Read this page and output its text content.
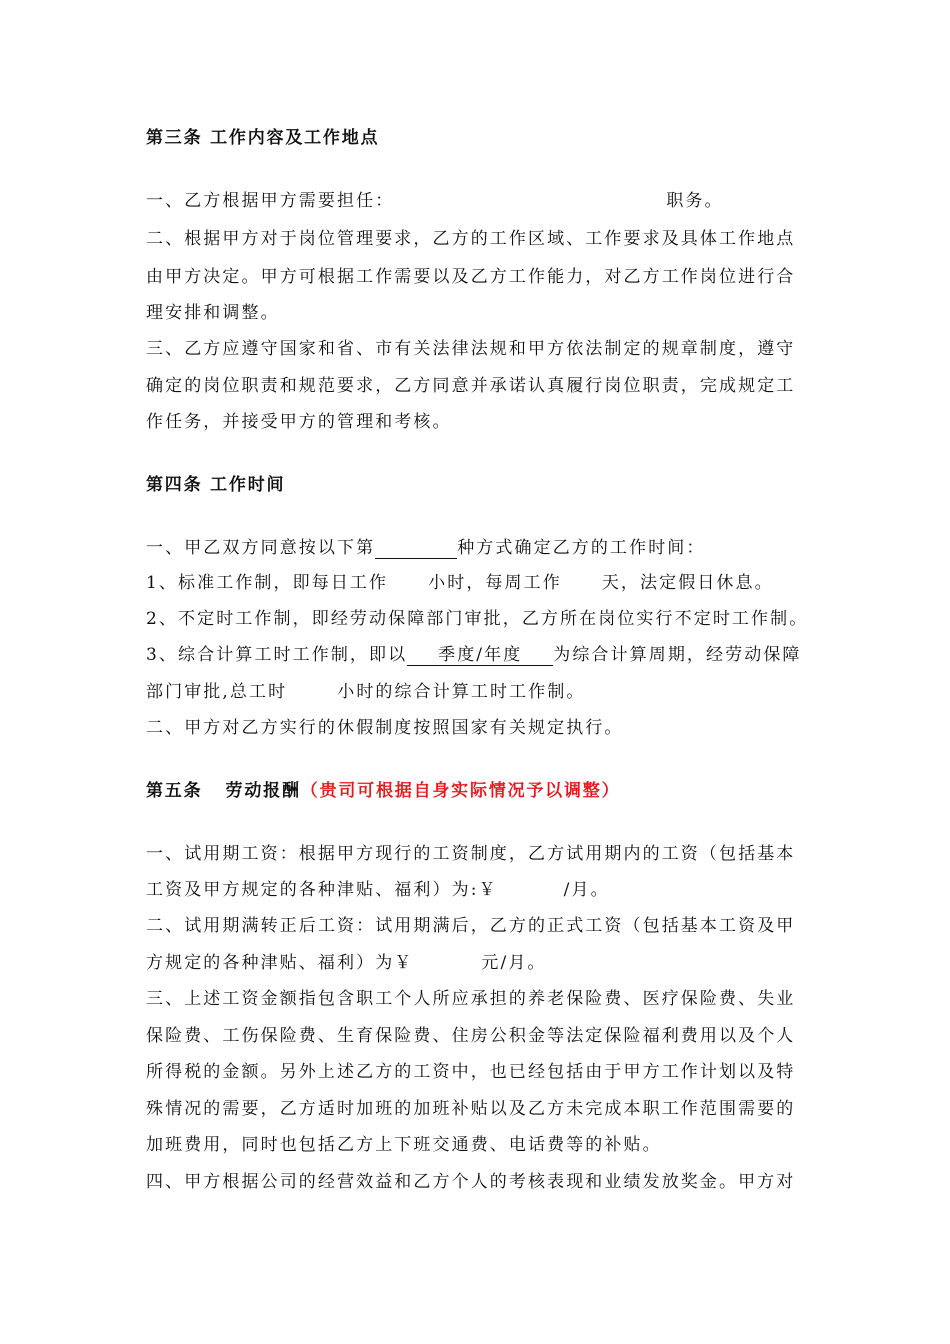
第三条 工作内容及工作地点
一、乙方根据甲方需要担任：	职务。
二、根据甲方对于岗位管理要求，乙方的工作区域、工作要求及具体工作地点
由甲方决定。甲方可根据工作需要以及乙方工作能力，对乙方工作岗位进行合
理安排和调整。
三、乙方应遵守国家和省、市有关法律法规和甲方依法制定的规章制度，遵守
确定的岗位职责和规范要求，乙方同意并承诺认真履行岗位职责，完成规定工
作任务，并接受甲方的管理和考核。
第四条 工作时间
一、甲乙双方同意按以下第	种方式确定乙方的工作时间：
1、标准工作制，即每日工作 小时，每周工作 天，法定假日休息。
2、不定时工作制，即经劳动保障部门审批，乙方所在岗位实行不定时工作制。
3、综合计算工时工作制，即以 季度/年度 为综合计算周期，经劳动保障
部门审批,总工时	小时的综合计算工时工作制。
二、甲方对乙方实行的休假制度按照国家有关规定执行。
第五条   劳动报酬（贵司可根据自身实际情况予以调整）
一、试用期工资：根据甲方现行的工资制度，乙方试用期内的工资（包括基本
工资及甲方规定的各种津贴、福利）为:￥	/月。
二、试用期满转正后工资：试用期满后，乙方的正式工资（包括基本工资及甲
方规定的各种津贴、福利）为￥	元/月。
三、上述工资金额指包含职工个人所应承担的养老保险费、医疗保险费、失业
保险费、工伤保险费、生育保险费、住房公积金等法定保险福利费用以及个人
所得税的金额。另外上述乙方的工资中，也已经包括由于甲方工作计划以及特
殊情况的需要，乙方适时加班的加班补贴以及乙方未完成本职工作范围需要的
加班费用，同时也包括乙方上下班交通费、电话费等的补贴。
四、甲方根据公司的经营效益和乙方个人的考核表现和业绩发放奖金。甲方对
